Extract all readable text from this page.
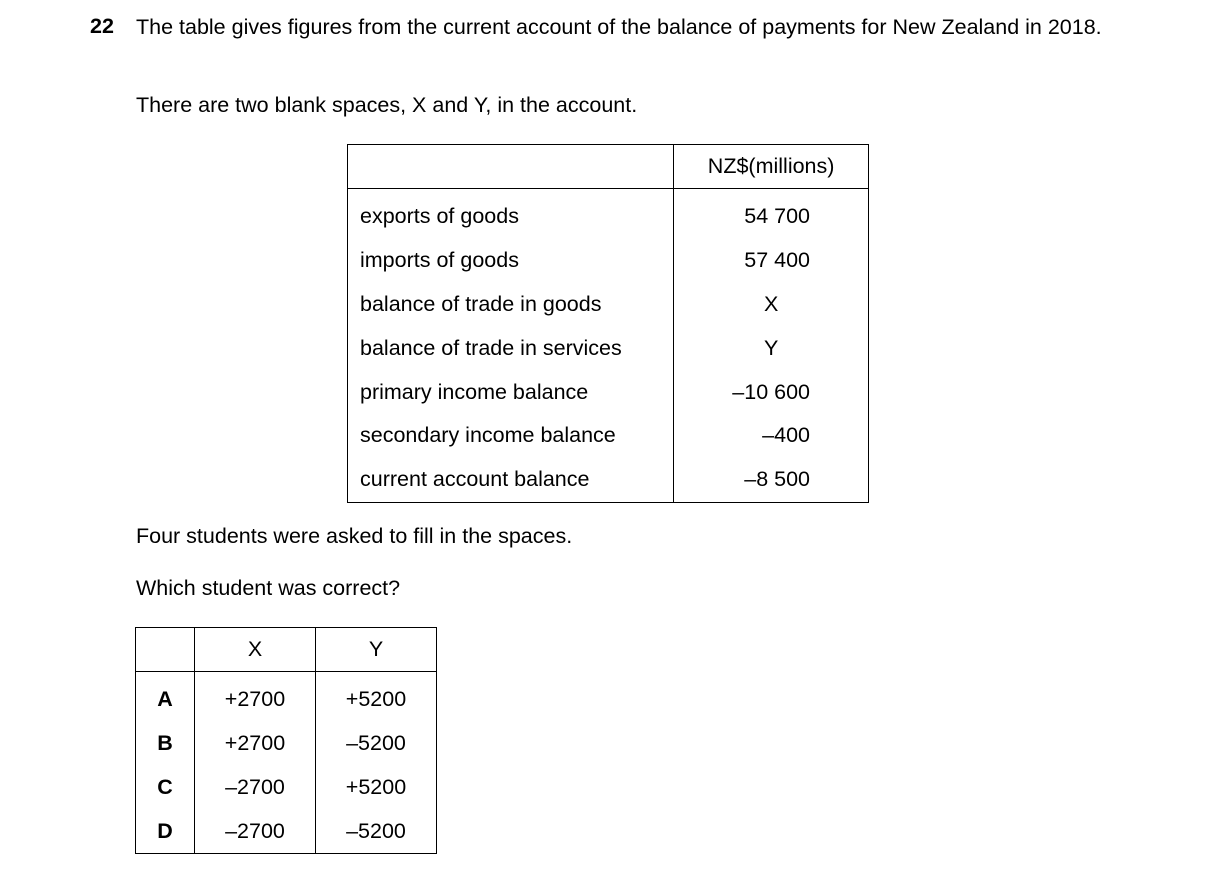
22 The table gives figures from the current account of the balance of payments for New Zealand in 2018.
There are two blank spaces, X and Y, in the account.
	NZ$(millions)
exports of goods	54 700
imports of goods	57 400
balance of trade in goods	X
balance of trade in services	Y
primary income balance	–10 600
secondary income balance	–400
current account balance	–8 500
Four students were asked to fill in the spaces.
Which student was correct?
	X	Y
A	+2700	+5200
B	+2700	–5200
C	–2700	+5200
D	–2700	–5200
